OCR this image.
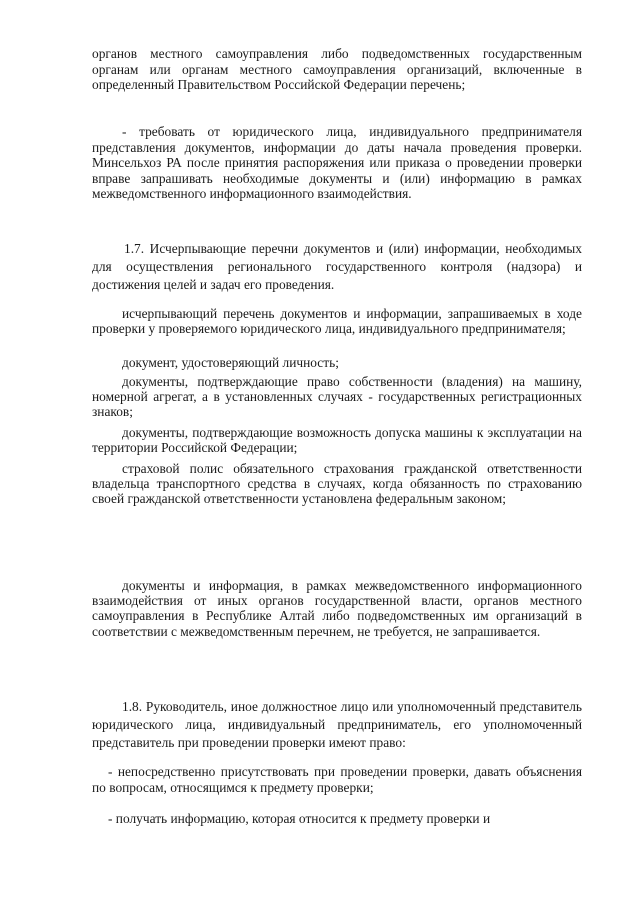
органов местного самоуправления либо подведомственных государственным органам или органам местного самоуправления организаций, включенные в определенный Правительством Российской Федерации перечень;

- требовать от юридического лица, индивидуального предпринимателя представления документов, информации до даты начала проведения проверки. Минсельхоз РА после принятия распоряжения или приказа о проведении проверки вправе запрашивать необходимые документы и (или) информацию в рамках межведомственного информационного взаимодействия.

1.7. Исчерпывающие перечни документов и (или) информации, необходимых для осуществления регионального государственного контроля (надзора) и достижения целей и задач его проведения.

исчерпывающий перечень документов и информации, запрашиваемых в ходе проверки у проверяемого юридического лица, индивидуального предпринимателя;

документ, удостоверяющий личность;

документы, подтверждающие право собственности (владения) на машину, номерной агрегат, а в установленных случаях - государственных регистрационных знаков;

документы, подтверждающие возможность допуска машины к эксплуатации на территории Российской Федерации;

страховой полис обязательного страхования гражданской ответственности владельца транспортного средства в случаях, когда обязанность по страхованию своей гражданской ответственности установлена федеральным законом;

документы и информация, в рамках межведомственного информационного взаимодействия от иных органов государственной власти, органов местного самоуправления в Республике Алтай либо подведомственных им организаций в соответствии с межведомственным перечнем, не требуется, не запрашивается.

1.8. Руководитель, иное должностное лицо или уполномоченный представитель юридического лица, индивидуальный предприниматель, его уполномоченный представитель при проведении проверки имеют право:

- непосредственно присутствовать при проведении проверки, давать объяснения по вопросам, относящимся к предмету проверки;

- получать информацию, которая относится к предмету проверки и
